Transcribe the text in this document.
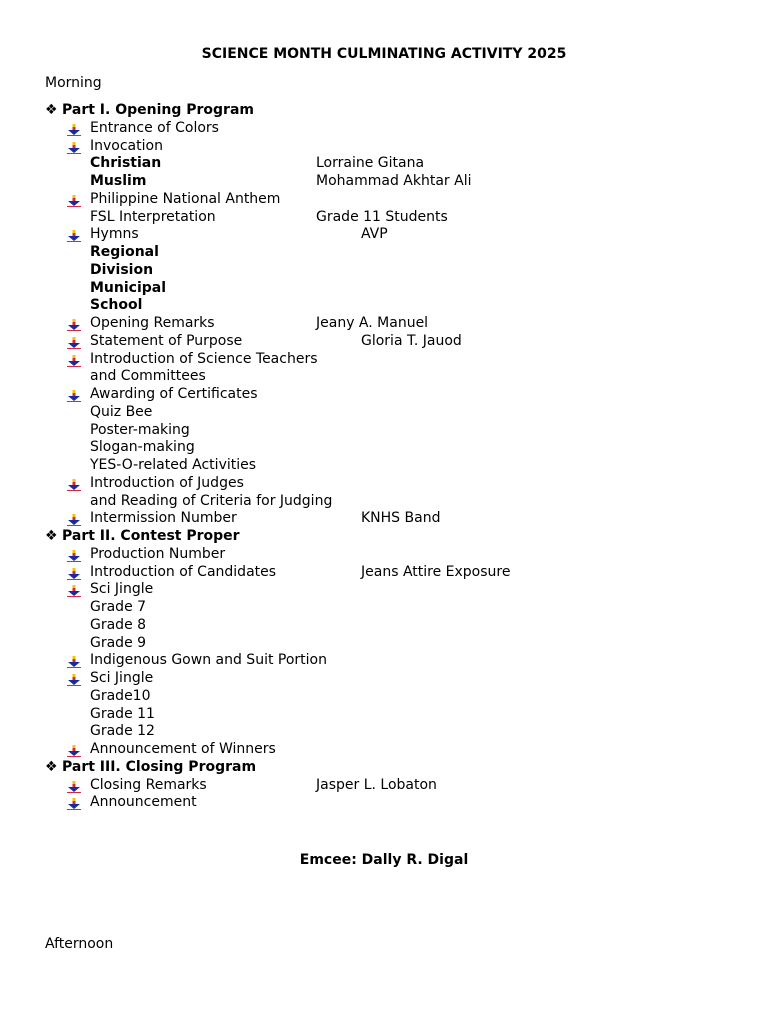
SCIENCE MONTH CULMINATING ACTIVITY 2025
Morning
❖ Part I. Opening Program
Entrance of Colors
Invocation
Christian	Lorraine Gitana
Muslim	Mohammad Akhtar Ali
Philippine National Anthem
FSL Interpretation	Grade 11 Students
Hymns	AVP
Regional
Division
Municipal
School
Opening Remarks	Jeany A. Manuel
Statement of Purpose	Gloria T. Jauod
Introduction of Science Teachers
and Committees
Awarding of Certificates
Quiz Bee
Poster-making
Slogan-making
YES-O-related Activities
Introduction of Judges
and Reading of Criteria for Judging
Intermission Number	KNHS Band
❖ Part II. Contest Proper
Production Number
Introduction of Candidates	Jeans Attire Exposure
Sci Jingle
Grade 7
Grade 8
Grade 9
Indigenous Gown and Suit Portion
Sci Jingle
Grade10
Grade 11
Grade 12
Announcement of Winners
❖ Part III. Closing Program
Closing Remarks	Jasper L. Lobaton
Announcement
Emcee: Dally R. Digal
Afternoon
